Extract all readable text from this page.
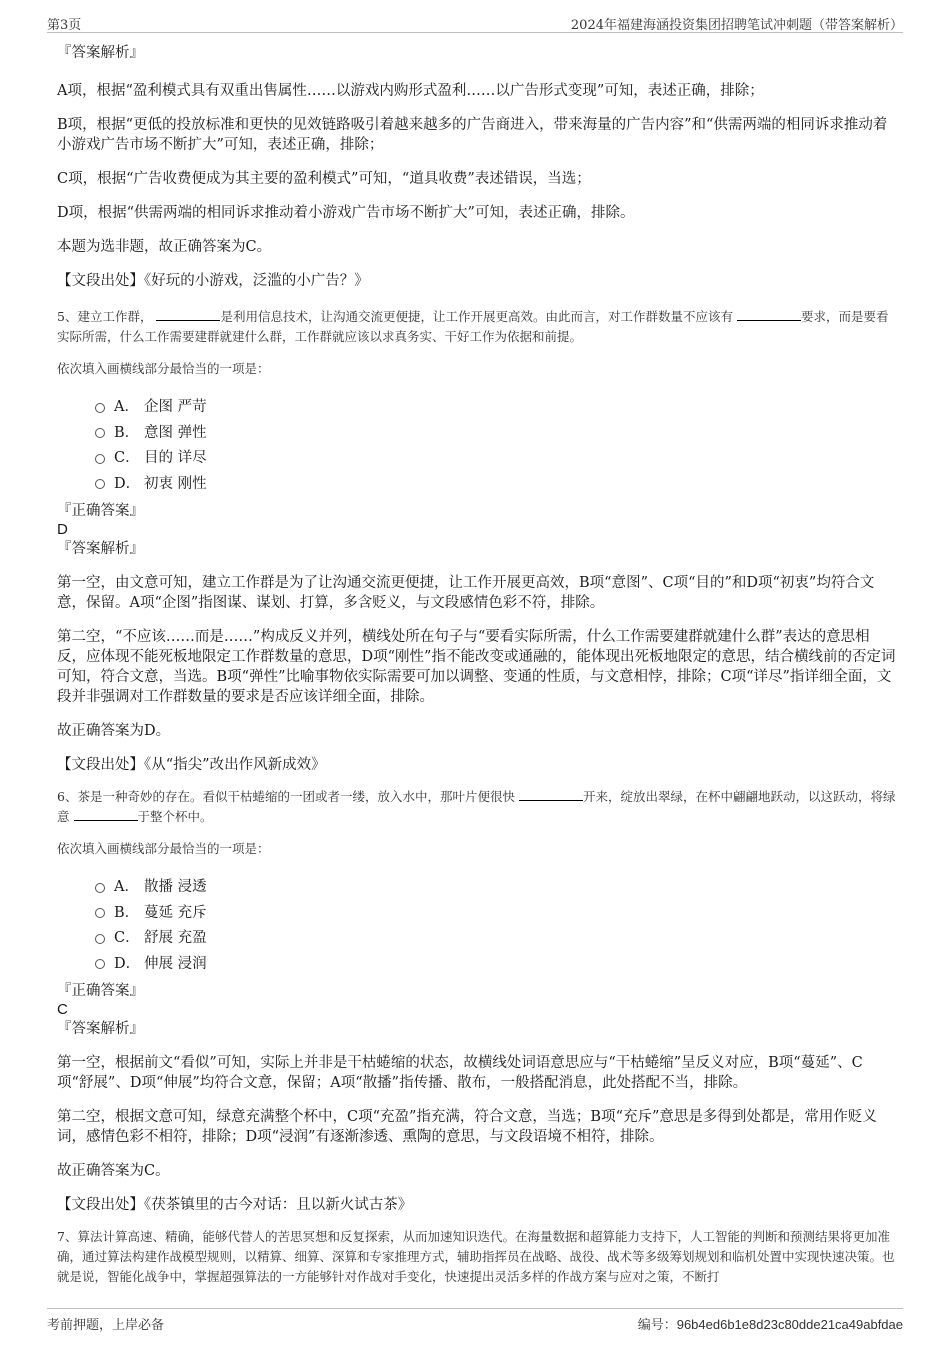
第3页	2024年福建海涵投资集团招聘笔试冲刺题（带答案解析）

『答案解析』

A项，根据“盈利模式具有双重出售属性……以游戏内购形式盈利……以广告形式变现”可知，表述正确，排除；

B项，根据“更低的投放标准和更快的见效链路吸引着越来越多的广告商进入，带来海量的广告内容”和“供需两端的相同诉求推动着小游戏广告市场不断扩大”可知，表述正确，排除；

C项，根据“广告收费便成为其主要的盈利模式”可知，“道具收费”表述错误，当选；

D项，根据“供需两端的相同诉求推动着小游戏广告市场不断扩大”可知，表述正确，排除。

本题为选非题，故正确答案为C。

【文段出处】《好玩的小游戏，泛滥的小广告？》

5、建立工作群，	是利用信息技术，让沟通交流更便捷，让工作开展更高效。由此而言，对工作群数量不应该有	要求，而是要看实际所需，什么工作需要建群就建什么群，工作群就应该以求真务实、干好工作为依据和前提。

依次填入画横线部分最恰当的一项是：

A． 企图 严苛
B． 意图 弹性
C． 目的 详尽
D． 初衷 刚性

『正确答案』

D

『答案解析』

第一空，由文意可知，建立工作群是为了让沟通交流更便捷，让工作开展更高效，B项“意图”、C项“目的”和D项“初衷”均符合文意，保留。A项“企图”指图谋、谋划、打算，多含贬义，与文段感情色彩不符，排除。

第二空，“不应该……而是……”构成反义并列，横线处所在句子与“要看实际所需，什么工作需要建群就建什么群”表达的意思相反，应体现不能死板地限定工作群数量的意思，D项“刚性”指不能改变或通融的，能体现出死板地限定的意思，结合横线前的否定词可知，符合文意，当选。B项“弹性”比喻事物依实际需要可加以调整、变通的性质，与文意相悖，排除；C项“详尽”指详细全面，文段并非强调对工作群数量的要求是否应该详细全面，排除。

故正确答案为D。

【文段出处】《从“指尖”改出作风新成效》

6、茶是一种奇妙的存在。看似干枯蜷缩的一团或者一缕，放入水中，那叶片便很快	开来，绽放出翠绿，在杯中翩翩地跃动，以这跃动，将绿意	于整个杯中。

依次填入画横线部分最恰当的一项是：

A． 散播 浸透
B． 蔓延 充斥
C． 舒展 充盈
D． 伸展 浸润

『正确答案』

C

『答案解析』

第一空，根据前文“看似”可知，实际上并非是干枯蜷缩的状态，故横线处词语意思应与“干枯蜷缩”呈反义对应，B项“蔓延”、C项“舒展”、D项“伸展”均符合文意，保留；A项“散播”指传播、散布，一般搭配消息，此处搭配不当，排除。

第二空，根据文意可知，绿意充满整个杯中，C项“充盈”指充满，符合文意，当选；B项“充斥”意思是多得到处都是，常用作贬义词，感情色彩不相符，排除；D项“浸润”有逐渐渗透、熏陶的意思，与文段语境不相符，排除。

故正确答案为C。

【文段出处】《茯茶镇里的古今对话：且以新火试古茶》

7、算法计算高速、精确，能够代替人的苦思冥想和反复探索，从而加速知识迭代。在海量数据和超算能力支持下，人工智能的判断和预测结果将更加准确，通过算法构建作战模型规则，以精算、细算、深算和专家推理方式，辅助指挥员在战略、战役、战术等多级筹划规划和临机处置中实现快速决策。也就是说，智能化战争中，掌握超强算法的一方能够针对作战对手变化，快速提出灵活多样的作战方案与应对之策，不断打

考前押题，上岸必备	编号：96b4ed6b1e8d23c80dde21ca49abfdae
